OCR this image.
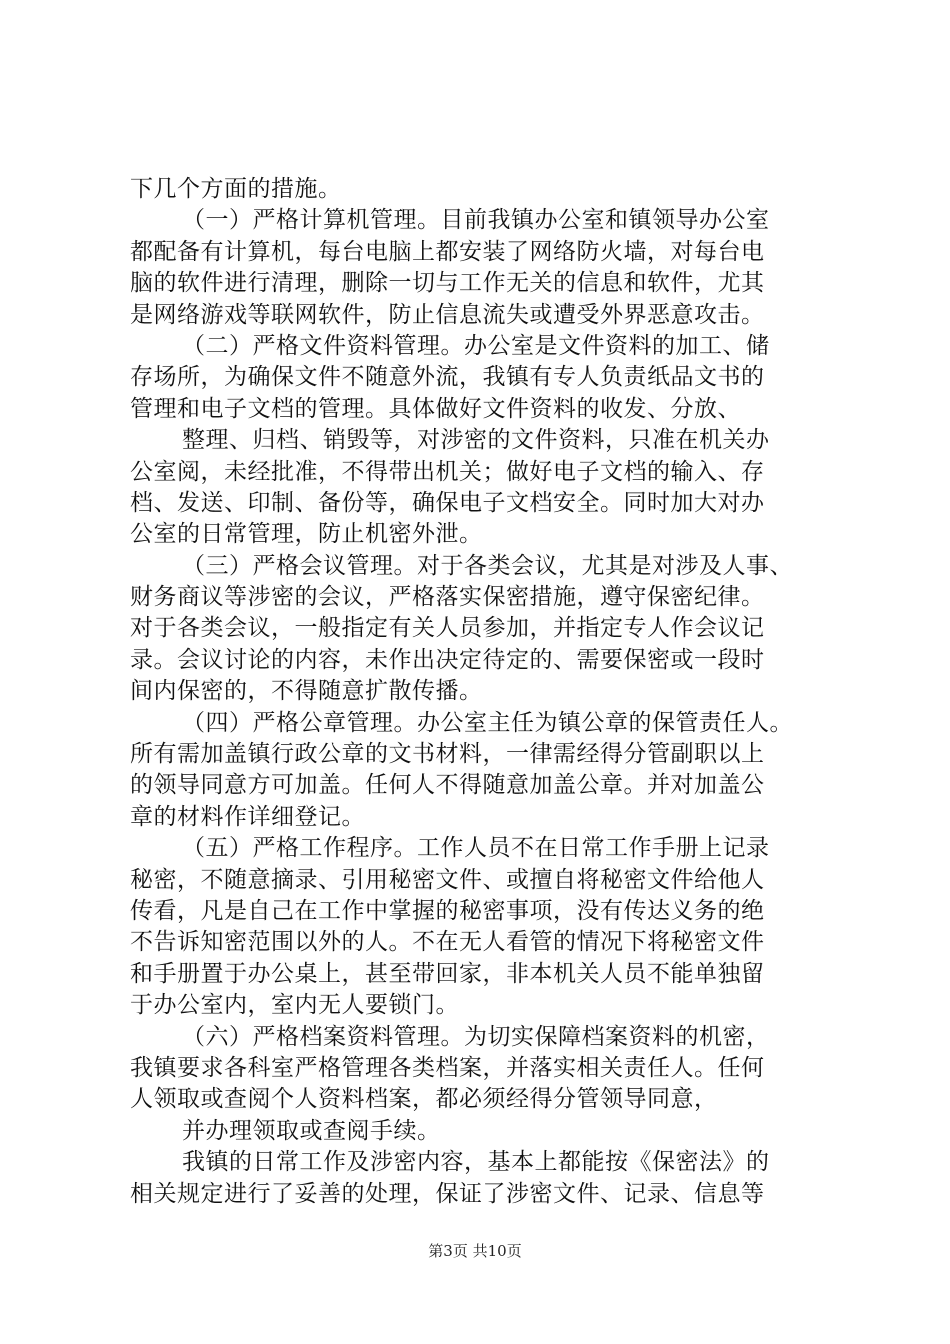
下几个方面的措施。
（一）严格计算机管理。目前我镇办公室和镇领导办公室
都配备有计算机，每台电脑上都安装了网络防火墙，对每台电
脑的软件进行清理，删除一切与工作无关的信息和软件，尤其
是网络游戏等联网软件，防止信息流失或遭受外界恶意攻击。
（二）严格文件资料管理。办公室是文件资料的加工、储
存场所，为确保文件不随意外流，我镇有专人负责纸品文书的
管理和电子文档的管理。具体做好文件资料的收发、分放、
整理、归档、销毁等，对涉密的文件资料，只准在机关办
公室阅，未经批准，不得带出机关；做好电子文档的输入、存
档、发送、印制、备份等，确保电子文档安全。同时加大对办
公室的日常管理，防止机密外泄。
（三）严格会议管理。对于各类会议，尤其是对涉及人事、
财务商议等涉密的会议，严格落实保密措施，遵守保密纪律。
对于各类会议，一般指定有关人员参加，并指定专人作会议记
录。会议讨论的内容，未作出决定待定的、需要保密或一段时
间内保密的，不得随意扩散传播。
（四）严格公章管理。办公室主任为镇公章的保管责任人。
所有需加盖镇行政公章的文书材料，一律需经得分管副职以上
的领导同意方可加盖。任何人不得随意加盖公章。并对加盖公
章的材料作详细登记。
（五）严格工作程序。工作人员不在日常工作手册上记录
秘密，不随意摘录、引用秘密文件、或擅自将秘密文件给他人
传看，凡是自己在工作中掌握的秘密事项，没有传达义务的绝
不告诉知密范围以外的人。不在无人看管的情况下将秘密文件
和手册置于办公桌上，甚至带回家，非本机关人员不能单独留
于办公室内，室内无人要锁门。
（六）严格档案资料管理。为切实保障档案资料的机密，
我镇要求各科室严格管理各类档案，并落实相关责任人。任何
人领取或查阅个人资料档案，都必须经得分管领导同意，
并办理领取或查阅手续。
我镇的日常工作及涉密内容，基本上都能按《保密法》的
相关规定进行了妥善的处理，保证了涉密文件、记录、信息等
第3页 共10页
